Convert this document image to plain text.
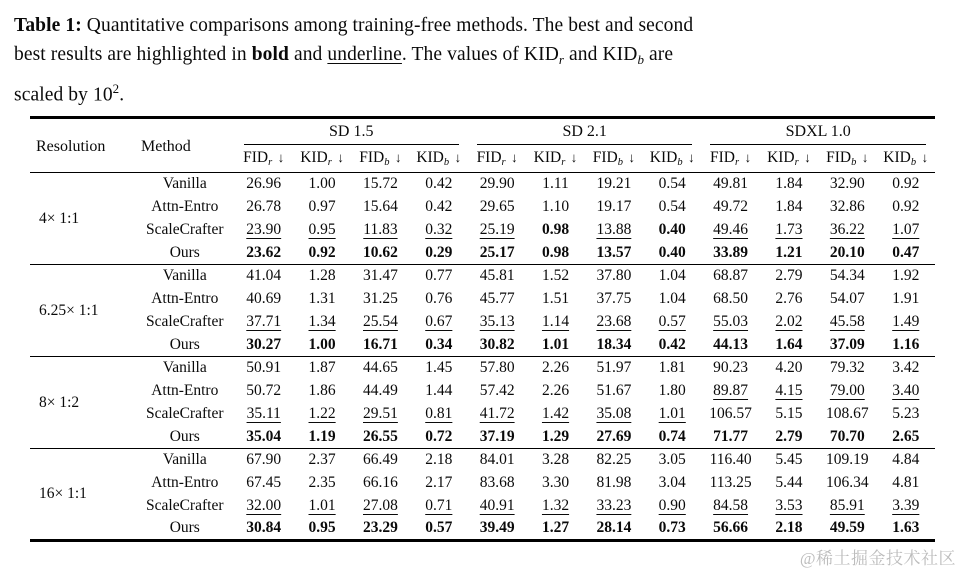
Table 1: Quantitative comparisons among training-free methods. The best and second
best results are highlighted in bold and underline. The values of $KID_r$ and $KID_b$ are
scaled by $10^2$.
Resolution	Method	SD 1.5				SD 2.1				SDXL 1.0			

		FIDr ↓	KIDr ↓	FIDb ↓	KIDb ↓	FIDr ↓	KIDr ↓	FIDb ↓	KIDb ↓	FIDr ↓	KIDr ↓	FIDb ↓	KIDb ↓
4× 1:1	Vanilla	26.96	1.00	15.72	0.42	29.90	1.11	19.21	0.54	49.81	1.84	32.90	0.92
	Attn-Entro	26.78	0.97	15.64	0.42	29.65	1.10	19.17	0.54	49.72	1.84	32.86	0.92
	ScaleCrafter	23.90	0.95	11.83	0.32	25.19	0.98	13.88	0.40	49.46	1.73	36.22	1.07
	Ours	23.62	0.92	10.62	0.29	25.17	0.98	13.57	0.40	33.89	1.21	20.10	0.47
6.25× 1:1	Vanilla	41.04	1.28	31.47	0.77	45.81	1.52	37.80	1.04	68.87	2.79	54.34	1.92
	Attn-Entro	40.69	1.31	31.25	0.76	45.77	1.51	37.75	1.04	68.50	2.76	54.07	1.91
	ScaleCrafter	37.71	1.34	25.54	0.67	35.13	1.14	23.68	0.57	55.03	2.02	45.58	1.49
	Ours	30.27	1.00	16.71	0.34	30.82	1.01	18.34	0.42	44.13	1.64	37.09	1.16
8× 1:2	Vanilla	50.91	1.87	44.65	1.45	57.80	2.26	51.97	1.81	90.23	4.20	79.32	3.42
	Attn-Entro	50.72	1.86	44.49	1.44	57.42	2.26	51.67	1.80	89.87	4.15	79.00	3.40
	ScaleCrafter	35.11	1.22	29.51	0.81	41.72	1.42	35.08	1.01	106.57	5.15	108.67	5.23
	Ours	35.04	1.19	26.55	0.72	37.19	1.29	27.69	0.74	71.77	2.79	70.70	2.65
16× 1:1	Vanilla	67.90	2.37	66.49	2.18	84.01	3.28	82.25	3.05	116.40	5.45	109.19	4.84
	Attn-Entro	67.45	2.35	66.16	2.17	83.68	3.30	81.98	3.04	113.25	5.44	106.34	4.81
	ScaleCrafter	32.00	1.01	27.08	0.71	40.91	1.32	33.23	0.90	84.58	3.53	85.91	3.39
	Ours	30.84	0.95	23.29	0.57	39.49	1.27	28.14	0.73	56.66	2.18	49.59	1.63
@稀土掘金技术社区
